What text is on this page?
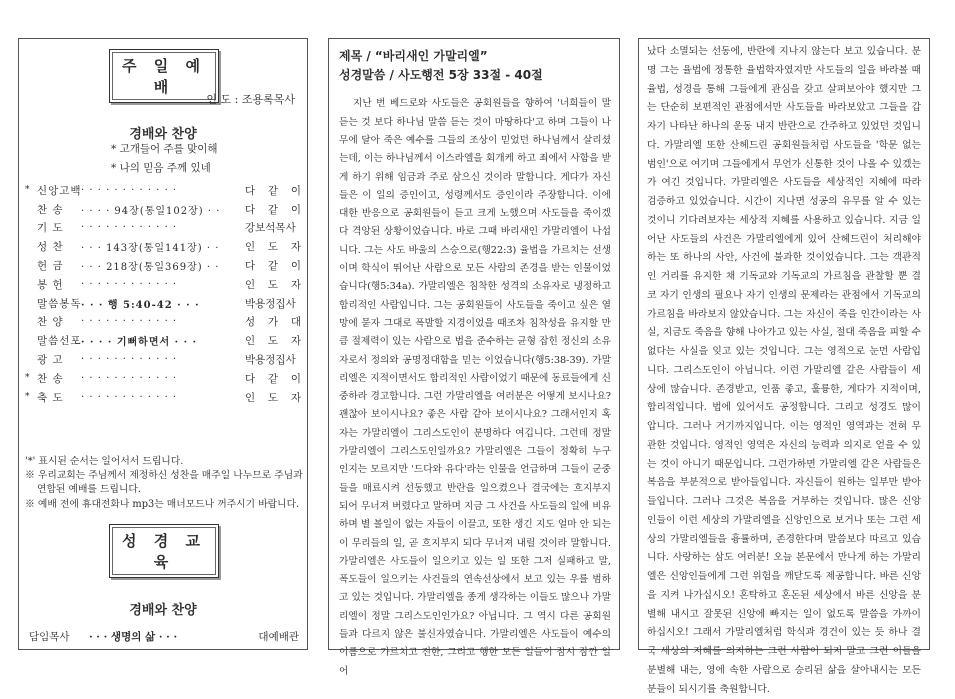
주 일 예 배
인 도 : 조용록목사
경배와 찬양
* 고개들어 주를 맞이해
* 나의 믿음 주께 있네
* 신앙고백 · · · · · · · · · · · ·	다 같 이
찬 송	· · · · 94장(통일102장) · ·	다 같 이
기 도	· · · · · · · · · · · ·	강보석목사
성 찬	· · · 143장(통일141장) · ·	인 도 자
헌 금	· · · 218장(통일369장) · ·	다 같 이
봉 헌	· · · · · · · · · · · ·	인 도 자
말씀봉독 · · · 행 5:40-42 · · ·	박용정집사
찬 양	· · · · · · · · · · · ·	성 가 대
말씀선포 · · · · 기뻐하면서 · · ·	인 도 자
광 고	· · · · · · · · · · · ·	박용정집사
* 찬 송	· · · · · · · · · · · ·	다 같 이
* 축 도	· · · · · · · · · · · ·	인 도 자

'*' 표시된 순서는 일어서서 드립니다.

※ 우리교회는 주님께서 제정하신 성찬을 매주일 나누므로 주님과 연합된 예배를 드립니다.

※ 예배 전에 휴대전화나 mp3는 매너모드나 꺼주시기 바랍니다.

성 경 교 육
경배와 찬양
담임목사	· · · 생명의 삶 · · ·	대예배관
제목 / “바리새인 가말리엘”
성경말씀 / 사도행전 5장 33절 - 40절

지난 번 베드로와 사도들은 공회원들을 향하여 '너희들이 말 듣는 것 보다 하나님 말씀 듣는 것이 마땅하다'고 하며 그들이 나무에 달아 죽은 예수를 그들의 조상이 믿었던 하나님께서 살리셨는데, 이는 하나님께서 이스라엘을 회개케 하고 죄에서 사함을 받게 하기 위해 임금과 주로 삼으신 것이라 말합니다. 게다가 자신들은 이 일의 증인이고, 성령께서도 증인이라 주장합니다. 이에 대한 반응으로 공회원들이 듣고 크게 노했으며 사도들을 죽이겠다 격앙된 상황이었습니다. 바로 그때 바리새인 가말리엘이 나섭니다. 그는 사도 바울의 스승으로(행22:3) 율법을 가르치는 선생이며 학식이 뛰어난 사람으로 모든 사람의 존경을 받는 인물이었습니다(행5:34a). 가말리엘은 침착한 성격의 소유자로 냉정하고 합리적인 사람입니다. 그는 공회원들이 사도들을 죽이고 싶은 열망에 묻자 그대로 폭발할 지경이었을 때조차 침착성을 유지할 만큼 절제력이 있는 사람으로 법을 준수하는 균형 잡힌 정신의 소유자로서 정의와 공명정대함을 믿는 이었습니다(행5:38-39). 가말리엘은 지적이면서도 합리적인 사람이었기 때문에 동료들에게 신중하라 경고합니다. 그런 가말리엘을 여러분은 어떻게 보시나요? 괜찮아 보이시나요? 좋은 사람 같아 보이시나요? 그래서인지 혹자는 가말리엘이 그리스도인이 분명하다 여깁니다. 그런데 정말 가말리엘이 그리스도인일까요? 가말리엘은 그들이 정확히 누구인지는 모르지만 '드다와 유다'라는 인물을 언급하며 그들이 군중들을 매료시켜 선동했고 반란을 일으켰으나 결국에는 흐지부지 되어 무너져 버렸다고 말하며 지금 그 사건을 사도들의 일에 비유하며 별 볼일이 없는 자들이 이끌고, 또한 생긴 지도 얼마 안 되는 이 무리들의 일, 곧 흐지부지 되다 무너져 내릴 것이라 말합니다. 가말리엘은 사도들이 일으키고 있는 일 또한 그저 실패하고 말, 폭도들이 일으키는 사건들의 연속선상에서 보고 있는 우를 범하고 있는 것입니다. 가말리엘을 종게 생각하는 이들도 많으나 가말리엘이 정말 그리스도인인가요? 아닙니다. 그 역시 다른 공회원들과 다르지 않은 불신자였습니다. 가말리엘은 사도들이 예수의 이름으로 가르치고 전한, 그리고 행한 모든 일들이 잠시 잠깐 일어

났다 소멸되는 선동에, 반란에 지나지 않는다 보고 있습니다. 분명 그는 율법에 정통한 율법학자였지만 사도들의 일을 바라볼 때 율법, 성경을 통해 그들에게 관심을 갖고 살펴보아야 했지만 그는 단순히 보편적인 관점에서만 사도들을 바라보았고 그들을 갑자기 나타난 하나의 운동 내지 반란으로 간주하고 있었던 것입니다. 가말리엘 또한 산헤드린 공회원들처럼 사도들을 '학문 없는 범인'으로 여기며 그들에게서 무언가 신통한 것이 나올 수 있겠는가 여긴 것입니다. 가말리엘은 사도들을 세상적인 지혜에 따라 검증하고 있었습니다. 시간이 지나면 성공의 유무를 알 수 있는 것이니 기다려보자는 세상적 지혜를 사용하고 있습니다. 지금 일어난 사도들의 사건은 가말리엘에게 있어 산헤드린이 처리해야 하는 또 하나의 사안, 사건에 불과한 것이었습니다. 그는 객관적인 거리를 유지한 채 기독교와 기독교의 가르침을 관찰할 뿐 결코 자기 인생의 필요나 자기 인생의 문제라는 관점에서 기독교의 가르침을 바라보지 않았습니다. 그는 자신이 죽을 인간이라는 사실, 지금도 죽음을 향해 나아가고 있는 사실, 절대 죽음을 피할 수 없다는 사실을 잊고 있는 것입니다. 그는 영적으로 눈먼 사람입니다. 그리스도인이 아닙니다. 이런 가말리엘 같은 사람들이 세상에 많습니다. 존경받고, 인품 좋고, 훌륭한, 게다가 지적이며, 합리적입니다. 법에 있어서도 공정합니다. 그리고 성경도 많이 압니다. 그러나 거기까지입니다. 이는 영적인 영역과는 전혀 무관한 것입니다. 영적인 영역은 자신의 능력과 의지로 얻을 수 있는 것이 아니기 때문입니다. 그런가하면 가말리엘 같은 사람들은 복음을 부분적으로 받아들입니다. 자신들이 원하는 일부만 받아들입니다. 그러나 그것은 복음을 거부하는 것입니다. 많은 신앙인들이 이런 세상의 가말리엘을 신앙인으로 보거나 또는 그런 세상의 가말리엘들을 흉률하며, 존경한다며 말씀보다 따르고 있습니다. 사랑하는 삼도 여러분! 오늘 본문에서 만나게 하는 가말리엘은 신앙인들에게 그런 위험을 깨닫도록 제공합니다. 바른 신앙을 지켜 나가십시오! 혼탁하고 혼돈된 세상에서 바른 신앙을 분별해 내시고 잘못된 신앙에 빠지는 일이 없도록 말씀을 가까이 하십시오! 그래서 가말리엘처럼 학식과 경건이 있는 듯 하나 결국 세상의 지혜를 의지하는 그런 사람이 되지 말고 그런 이들을 분별해 내는, 영에 속한 사람으로 승리된 삶을 살아내시는 모든 분들이 되시기를 축원합니다.
